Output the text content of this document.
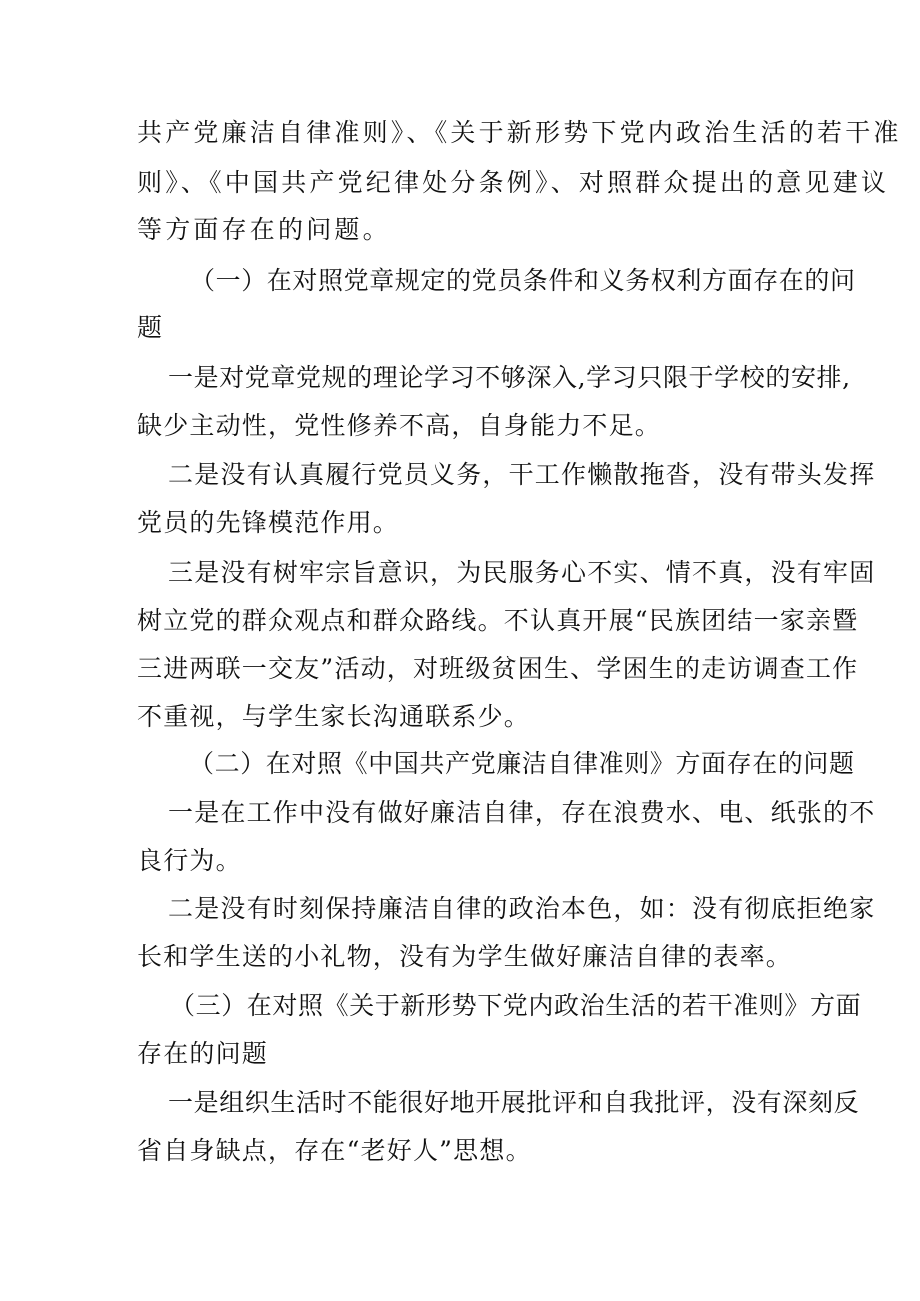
共产党廉洁自律准则》、《关于新形势下党内政治生活的若干准
则》、《中国共产党纪律处分条例》、对照群众提出的意见建议
等方面存在的问题。
（一）在对照党章规定的党员条件和义务权利方面存在的问
题
一是对党章党规的理论学习不够深入,学习只限于学校的安排,
缺少主动性，党性修养不高，自身能力不足。
二是没有认真履行党员义务，干工作懒散拖沓，没有带头发挥
党员的先锋模范作用。
三是没有树牢宗旨意识，为民服务心不实、情不真，没有牢固
树立党的群众观点和群众路线。不认真开展“民族团结一家亲暨
三进两联一交友”活动，对班级贫困生、学困生的走访调查工作
不重视，与学生家长沟通联系少。
（二）在对照《中国共产党廉洁自律准则》方面存在的问题
一是在工作中没有做好廉洁自律，存在浪费水、电、纸张的不
良行为。
二是没有时刻保持廉洁自律的政治本色，如：没有彻底拒绝家
长和学生送的小礼物，没有为学生做好廉洁自律的表率。
（三）在对照《关于新形势下党内政治生活的若干准则》方面
存在的问题
一是组织生活时不能很好地开展批评和自我批评，没有深刻反
省自身缺点，存在“老好人”思想。
